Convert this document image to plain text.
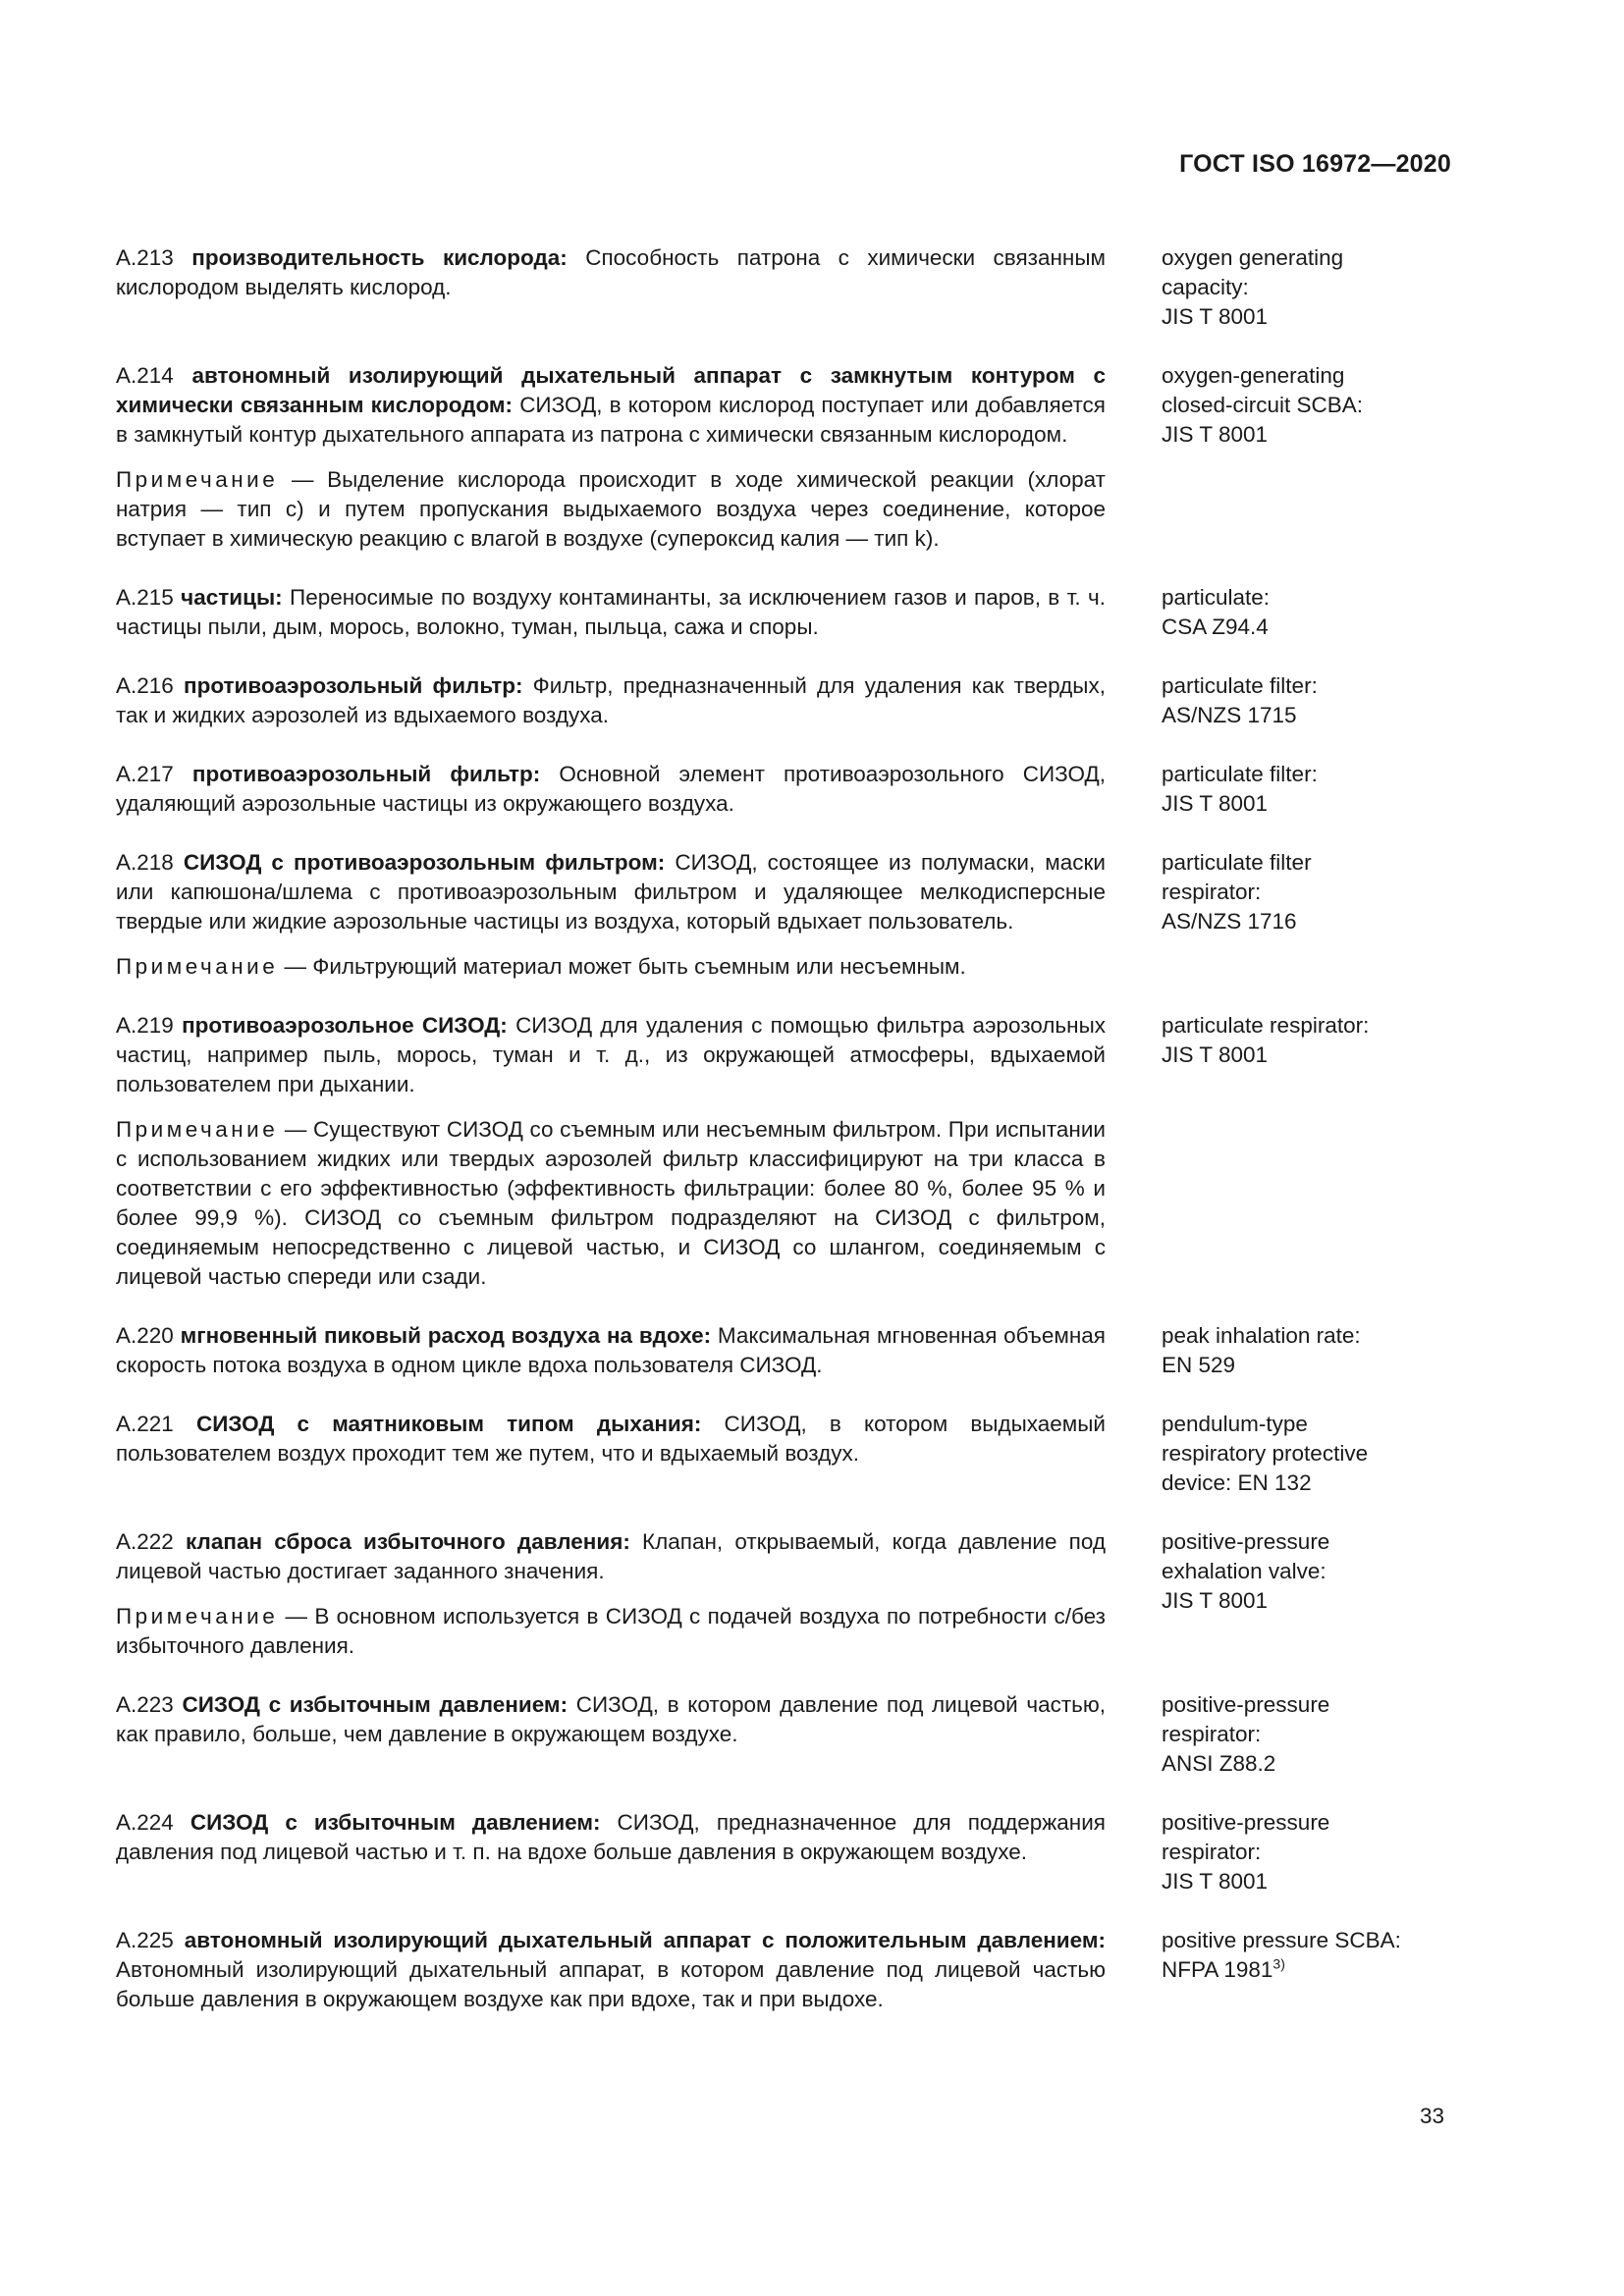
ГОСТ ISO 16972—2020

A.213 производительность кислорода: Способность патрона с химически связанным кислородом выделять кислород.

oxygen generating
capacity:
JIS T 8001

A.214 автономный изолирующий дыхательный аппарат с замкнутым контуром с химически связанным кислородом: СИЗОД, в котором кислород поступает или добавляется в замкнутый контур дыхательного аппарата из патрона с химически связанным кислородом.

Примечание — Выделение кислорода происходит в ходе химической реакции (хлорат натрия — тип с) и путем пропускания выдыхаемого воздуха через соединение, которое вступает в химическую реакцию с влагой в воздухе (супероксид калия — тип k).

oxygen-generating
closed-circuit SCBA:
JIS T 8001

A.215 частицы: Переносимые по воздуху контаминанты, за исключением газов и паров, в т. ч. частицы пыли, дым, морось, волокно, туман, пыльца, сажа и споры.

particulate:
CSA Z94.4

A.216 противоаэрозольный фильтр: Фильтр, предназначенный для удаления как твердых, так и жидких аэрозолей из вдыхаемого воздуха.

particulate filter:
AS/NZS 1715

A.217 противоаэрозольный фильтр: Основной элемент противоаэрозольного СИЗОД, удаляющий аэрозольные частицы из окружающего воздуха.

particulate filter:
JIS T 8001

A.218 СИЗОД с противоаэрозольным фильтром: СИЗОД, состоящее из полумаски, маски или капюшона/шлема с противоаэрозольным фильтром и удаляющее мелкодисперсные твердые или жидкие аэрозольные частицы из воздуха, который вдыхает пользователь.

Примечание — Фильтрующий материал может быть съемным или несъемным.

particulate filter
respirator:
AS/NZS 1716

A.219 противоаэрозольное СИЗОД: СИЗОД для удаления с помощью фильтра аэрозольных частиц, например пыль, морось, туман и т. д., из окружающей атмосферы, вдыхаемой пользователем при дыхании.

Примечание — Существуют СИЗОД со съемным или несъемным фильтром. При испытании с использованием жидких или твердых аэрозолей фильтр классифицируют на три класса в соответствии с его эффективностью (эффективность фильтрации: более 80 %, более 95 % и более 99,9 %). СИЗОД со съемным фильтром подразделяют на СИЗОД с фильтром, соединяемым непосредственно с лицевой частью, и СИЗОД со шлангом, соединяемым с лицевой частью спереди или сзади.

particulate respirator:
JIS T 8001

A.220 мгновенный пиковый расход воздуха на вдохе: Максимальная мгновенная объемная скорость потока воздуха в одном цикле вдоха пользователя СИЗОД.

peak inhalation rate:
EN 529

A.221 СИЗОД с маятниковым типом дыхания: СИЗОД, в котором выдыхаемый пользователем воздух проходит тем же путем, что и вдыхаемый воздух.

pendulum-type
respiratory protective
device: EN 132

A.222 клапан сброса избыточного давления: Клапан, открываемый, когда давление под лицевой частью достигает заданного значения.

Примечание — В основном используется в СИЗОД с подачей воздуха по потребности с/без избыточного давления.

positive-pressure
exhalation valve:
JIS T 8001

A.223 СИЗОД с избыточным давлением: СИЗОД, в котором давление под лицевой частью, как правило, больше, чем давление в окружающем воздухе.

positive-pressure
respirator:
ANSI Z88.2

A.224 СИЗОД с избыточным давлением: СИЗОД, предназначенное для поддержания давления под лицевой частью и т. п. на вдохе больше давления в окружающем воздухе.

positive-pressure
respirator:
JIS T 8001

A.225 автономный изолирующий дыхательный аппарат с положительным давлением: Автономный изолирующий дыхательный аппарат, в котором давление под лицевой частью больше давления в окружающем воздухе как при вдохе, так и при выдохе.

positive pressure SCBA:
NFPA 1981$^{3)}$
33
